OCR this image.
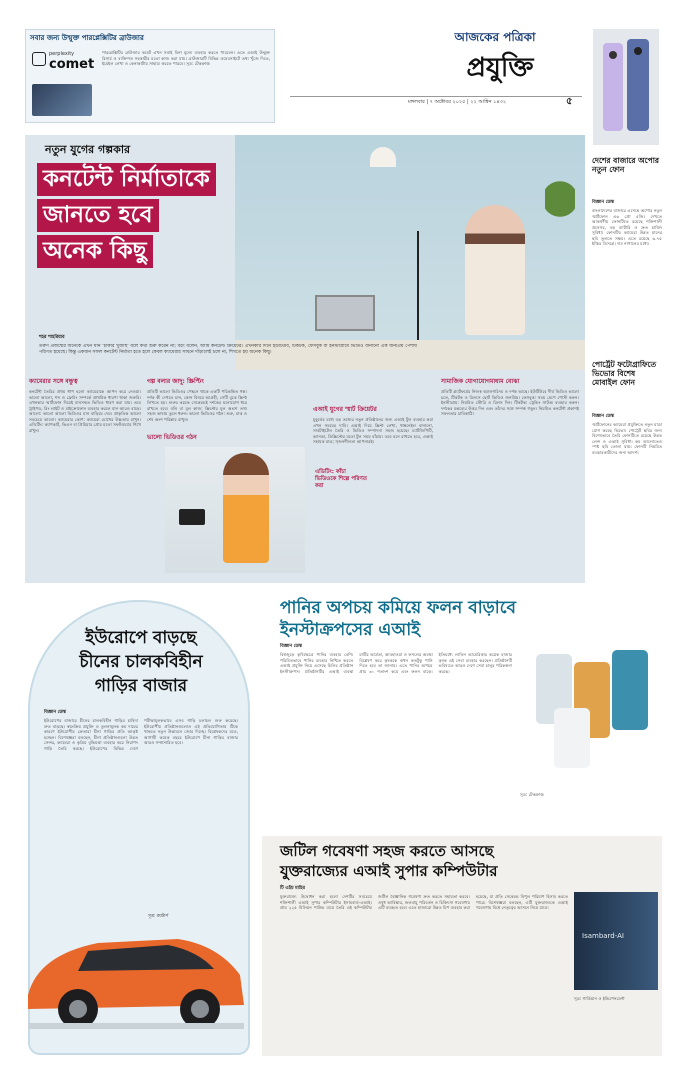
সবার জন্য উন্মুক্ত পারপ্লেক্সিটির ব্রাউজার
perplexity
comet
পারপ্লেক্সিটির ব্রাউজার কমেট এখন সবাই বিনা মূল্যে ব্যবহার করতে পারবেন। এতে এআই উন্মুক্ত রিসার্চ ও ব্যক্তিগত সহকারীর মতো কাজ করা যায়। ব্রাউজারটি বিভিন্ন ওয়েবসাইটে তথ্য খুঁজে দিতে, ইমেইল লেখা ও কেনাকাটায় সাহায্য করতে পারবে। সূত্র: টেকক্রাঞ্চ
আজকের পত্রিকা
প্রযুক্তি
মঙ্গলবার | ৭ অক্টোবর ২০২৫ | ২২ আশ্বিন ১৪৩২	৫
নতুন যুগের গল্পকার
কনটেন্ট নির্মাতাকে
জানতে হবে
অনেক কিছু
শহর শাহরিয়ার
তরুণ প্রজন্মের অনেকে এখন যান 'চাকরি খুঁজছি' বলে কথা শুরু করেন না; বরং বলেন, আমি কনটেন্ট ক্রিয়েটর। এখনকার দিনে ইউটিউব, টিকটক, ফেসবুক বা ইনস্টাগ্রামে ভিডিও বানানো এক জনপ্রিয় পেশায় পরিণত হয়েছে। কিন্তু একজন সফল কনটেন্ট নির্মাতা হতে হলে কেবল ক্যামেরার সামনে দাঁড়ালেই চলে না, শিখতে হয় অনেক কিছু।
ক্যামেরার সঙ্গে বন্ধুত্ব
কনটেন্ট তৈরির প্রথম ধাপ হলো ক্যামেরাকে আপন করে নেওয়া। ভালো আলো, শব্দ ও ফ্রেমিং সম্পর্কে প্রাথমিক ধারণা থাকা জরুরি। এখনকার স্মার্টফোন দিয়েই মানসম্মত ভিডিও ধারণ করা যায়। তবে ট্রাইপড, রিং লাইট ও মাইক্রোফোন ব্যবহার করলে মান আরও বাড়ে। আলো: ভালো আলো ভিডিওর মান বাড়িয়ে দেয়। প্রাকৃতিক আলো সবচেয়ে ভালো। ক্যামেরার কোণ: ক্যামেরা চোখের উচ্চতায় রাখুন। এডিটিং: ক্যাপকাট, ভিএন বা প্রিমিয়ার প্রোর মতো সফটওয়্যার শিখে রাখুন।
গল্প বলার জাদু: স্ক্রিপ্টিং
প্রতিটি ভালো ভিডিওর পেছনে থাকে একটি পরিকল্পিত গল্প। দর্শক কী দেখতে চান, কোন বিষয়ে আগ্রহী, সেটি বুঝে স্ক্রিপ্ট লিখতে হয়। শুরুর কয়েক সেকেন্ডেই দর্শকের মনোযোগ ধরে রাখতে হবে। বলি বা মূল কাজ: স্ক্রিপ্টের মূল অংশে তথ্য সহজ ভাষায় তুলে ধরুন। ভালো ভিডিওর গঠন: শুরু, মাঝ ও শেষ অংশ পরিষ্কার রাখুন।
ভালো ভিডিওর গঠন
এডিটিং: কাঁচা ভিডিওকে শিল্পে পরিণত করা
এআই যুগের স্মার্ট ক্রিয়েটর
মুহূর্তের মধ্যে বড় তথ্যের নতুন প্রতিষ্ঠানের জন্য এআই টুল ব্যবহার করা এখন সময়ের দাবি। এআই দিয়ে স্ক্রিপ্ট লেখা, থাম্বনেইল বানানো, সাবটাইটেল তৈরি ও ভিডিও সম্পাদনা সহজ হয়েছে। চ্যাটজিপিটি, ক্যানভা, ডিস্ক্রিপ্টের মতো টুল সময় বাঁচায়। তবে মনে রাখতে হবে, এআই সহায়ক মাত্র; সৃজনশীলতা আপনারই।
সামাজিক যোগাযোগমাধ্যম বোঝা
প্রতিটি প্ল্যাটফর্মের নিজস্ব অ্যালগরিদম ও দর্শক আছে। ইউটিউবে দীর্ঘ ভিডিও ভালো চলে, টিকটক ও রিলসে ছোট ভিডিও জনপ্রিয়। ফেসবুক: সময় মেপে পোস্ট করুন। ইনস্টাগ্রাম: নিয়মিত স্টোরি ও রিলস দিন। টিকটক: ট্রেন্ডিং সাউন্ড ব্যবহার করুন। দর্শকের মন্তব্যের উত্তর দিন এবং তাঁদের সঙ্গে সম্পর্ক গড়ুন। নিয়মিত কনটেন্ট প্রকাশই সফলতার চাবিকাঠি।
দেশের বাজারে অপোর নতুন ফোন
বিজ্ঞান ডেস্ক
বাংলাদেশের বাজারে এসেছে অপোর নতুন স্মার্টফোন এ৬ প্রো ৫জি। দেখতে আকর্ষণীয় ফোনটিতে রয়েছে শক্তিশালী প্রসেসর, বড় ব্যাটারি ও দ্রুত চার্জিং সুবিধা। ফোনটির ক্যামেরা উন্নত মানের ছবি তুলতে সক্ষম। এতে রয়েছে ৬.৭৫ ইঞ্চির ডিসপ্লে। দাম নাগালের মধ্যে।
পোর্ট্রেট ফটোগ্রাফিতে ভিভোর বিশেষ মোবাইল ফোন
বিজ্ঞান ডেস্ক
স্মার্টফোনের ক্যামেরা প্রযুক্তিতে নতুন মাত্রা যোগ করছে ভিভো। পোর্ট্রেট ছবির জন্য বিশেষভাবে তৈরি ফোনটিতে রয়েছে উন্নত লেন্স ও এআই সুবিধা। কম আলোতেও স্পষ্ট ছবি তোলা যায়। ফোনটি নিয়মিত ব্যবহারকারীদের জন্য আদর্শ।
ইউরোপে বাড়ছে
চীনের চালকবিহীন
গাড়ির বাজার
বিজ্ঞান ডেস্ক
ইউরোপের বাজারে চীনের চালকবিহীন গাড়ির চাহিদা দ্রুত বাড়ছে। স্বয়ংক্রিয় প্রযুক্তি ও তুলনামূলক কম দামের কারণে ইউরোপীয় ক্রেতারা চীনা গাড়ির প্রতি আকৃষ্ট হচ্ছেন। বিশেষজ্ঞরা বলছেন, চীনা প্রতিষ্ঠানগুলো উন্নত সেন্সর, ক্যামেরা ও কৃত্রিম বুদ্ধিমত্তা ব্যবহার করে নিরাপদ গাড়ি তৈরি করছে। ইউরোপের বিভিন্ন দেশে পরীক্ষামূলকভাবে এসব গাড়ি চলাচল শুরু করেছে। ইউরোপীয় প্রতিষ্ঠানগুলোও এই প্রতিযোগিতায় টিকে থাকতে নতুন উদ্ভাবনে জোর দিচ্ছে। বিশ্লেষকদের মতে, আগামী কয়েক বছরে ইউরোপে চীনা গাড়ির বাজার আরও সম্প্রসারিত হবে।
সূত্র: রয়টার্স
পানির অপচয় কমিয়ে ফলন বাড়াবে
ইনস্টাক্রপসের এআই
বিজ্ঞান ডেস্ক
বিশ্বজুড়ে কৃষিক্ষেত্রে পানির ব্যবহার বেশি। পরিমিতভাবে পানির ব্যবহার নিশ্চিত করতে এআই প্রযুক্তি নিয়ে এসেছে চিলির প্রতিষ্ঠান ইনস্টাক্রপস। প্রতিষ্ঠানটির এআই ব্যবস্থা মাটির আর্দ্রতা, আবহাওয়া ও ফসলের অবস্থা বিশ্লেষণ করে কৃষককে কখন কতটুকু পানি দিতে হবে তা জানায়। এতে পানির অপচয় প্রায় ৩০ শতাংশ কমে এবং ফলন বাড়ে। ইতিমধ্যে লাতিন আমেরিকার কয়েক হাজার কৃষক এই সেবা ব্যবহার করছেন। প্রতিষ্ঠানটি ভবিষ্যতে আরও দেশে সেবা চালুর পরিকল্পনা করছে।
সূত্র: টেকক্রাঞ্চ
জটিল গবেষণা সহজ করতে আসছে
যুক্তরাজ্যের এআই সুপার কম্পিউটার
টি এইচ মাহির
যুক্তরাজ্যে উদ্বোধন করা হলো দেশটির সবচেয়ে শক্তিশালী এআই সুপার কম্পিউটার ইসামবার্ড-এআই। প্রায় ২২৫ মিলিয়ন পাউন্ড ব্যয়ে তৈরি এই কম্পিউটার জটিল বৈজ্ঞানিক গবেষণা দ্রুত করতে সহায়তা করবে। ওষুধ আবিষ্কার, জলবায়ু পরিবর্তন ও চিকিৎসা গবেষণায় এটি ব্যবহৃত হবে। এতে হাজারো উন্নত চিপ ব্যবহার করা হয়েছে, যা প্রতি সেকেন্ডে বিপুল পরিমাণ হিসাব করতে পারে। বিশেষজ্ঞরা বলছেন, এটি যুক্তরাজ্যকে এআই গবেষণায় বিশ্বে নেতৃত্বের আসনে নিয়ে যাবে।
Isambard-AI
সূত্র: গার্ডিয়ান ও ইন্ডিপেনডেন্ট
